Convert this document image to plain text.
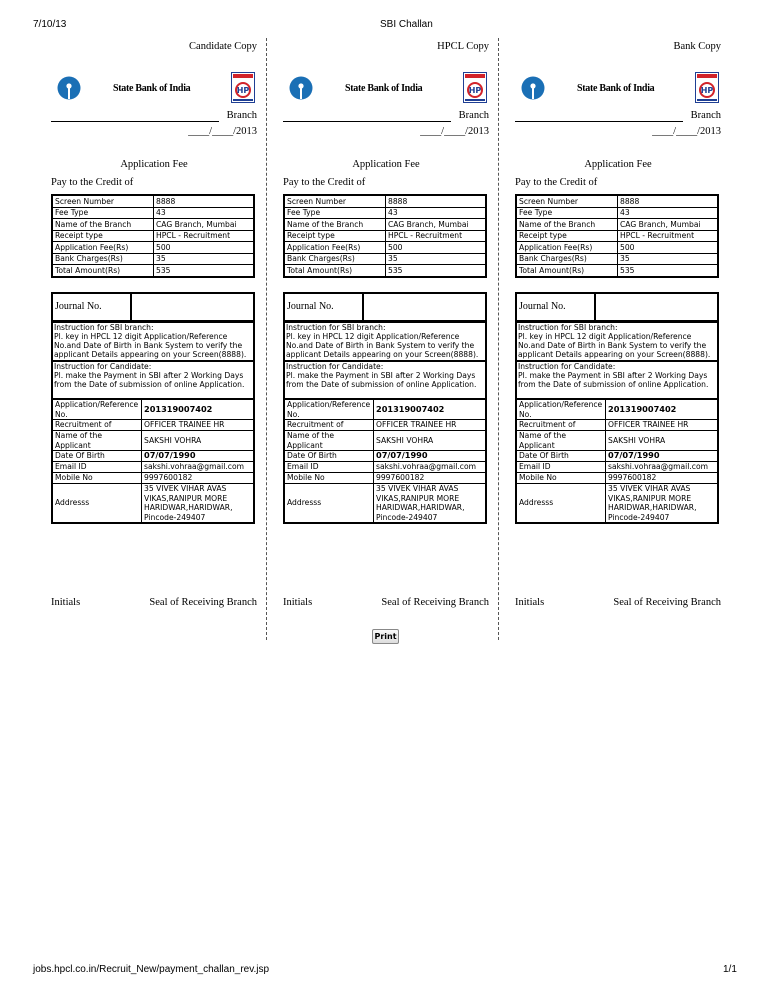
7/10/13	SBI Challan
Candidate Copy
State Bank of India	HP
Branch
____/____/2013
Application Fee
Pay to the Credit of
Screen Number	8888
Fee Type	43
Name of the Branch	CAG Branch, Mumbai
Receipt type	HPCL - Recruitment
Application Fee(Rs)	500
Bank Charges(Rs)	35
Total Amount(Rs)	535
Journal No.
Instruction for SBI branch:
Pl. key in HPCL 12 digit Application/Reference No.and Date of Birth in Bank System to verify the applicant Details appearing on your Screen(8888).
Instruction for Candidate:
Pl. make the Payment in SBI after 2 Working Days from the Date of submission of online Application.
Application/Reference No.	201319007402
Recruitment of	OFFICER TRAINEE HR
Name of the Applicant	SAKSHI VOHRA
Date Of Birth	07/07/1990
Email ID	sakshi.vohraa@gmail.com
Mobile No	9997600182
Addresss	35 VIVEK VIHAR AVAS VIKAS,RANIPUR MORE HARIDWAR,HARIDWAR, Pincode-249407
Initials	Seal of Receiving Branch
HPCL Copy
State Bank of India	HP
Branch
____/____/2013
Application Fee
Pay to the Credit of
Screen Number	8888
Fee Type	43
Name of the Branch	CAG Branch, Mumbai
Receipt type	HPCL - Recruitment
Application Fee(Rs)	500
Bank Charges(Rs)	35
Total Amount(Rs)	535
Journal No.
Instruction for SBI branch:
Pl. key in HPCL 12 digit Application/Reference No.and Date of Birth in Bank System to verify the applicant Details appearing on your Screen(8888).
Instruction for Candidate:
Pl. make the Payment in SBI after 2 Working Days from the Date of submission of online Application.
Application/Reference No.	201319007402
Recruitment of	OFFICER TRAINEE HR
Name of the Applicant	SAKSHI VOHRA
Date Of Birth	07/07/1990
Email ID	sakshi.vohraa@gmail.com
Mobile No	9997600182
Addresss	35 VIVEK VIHAR AVAS VIKAS,RANIPUR MORE HARIDWAR,HARIDWAR, Pincode-249407
Initials	Seal of Receiving Branch
Bank Copy
State Bank of India	HP
Branch
____/____/2013
Application Fee
Pay to the Credit of
Screen Number	8888
Fee Type	43
Name of the Branch	CAG Branch, Mumbai
Receipt type	HPCL - Recruitment
Application Fee(Rs)	500
Bank Charges(Rs)	35
Total Amount(Rs)	535
Journal No.
Instruction for SBI branch:
Pl. key in HPCL 12 digit Application/Reference No.and Date of Birth in Bank System to verify the applicant Details appearing on your Screen(8888).
Instruction for Candidate:
Pl. make the Payment in SBI after 2 Working Days from the Date of submission of online Application.
Application/Reference No.	201319007402
Recruitment of	OFFICER TRAINEE HR
Name of the Applicant	SAKSHI VOHRA
Date Of Birth	07/07/1990
Email ID	sakshi.vohraa@gmail.com
Mobile No	9997600182
Addresss	35 VIVEK VIHAR AVAS VIKAS,RANIPUR MORE HARIDWAR,HARIDWAR, Pincode-249407
Initials	Seal of Receiving Branch
Print
jobs.hpcl.co.in/Recruit_New/payment_challan_rev.jsp	1/1
